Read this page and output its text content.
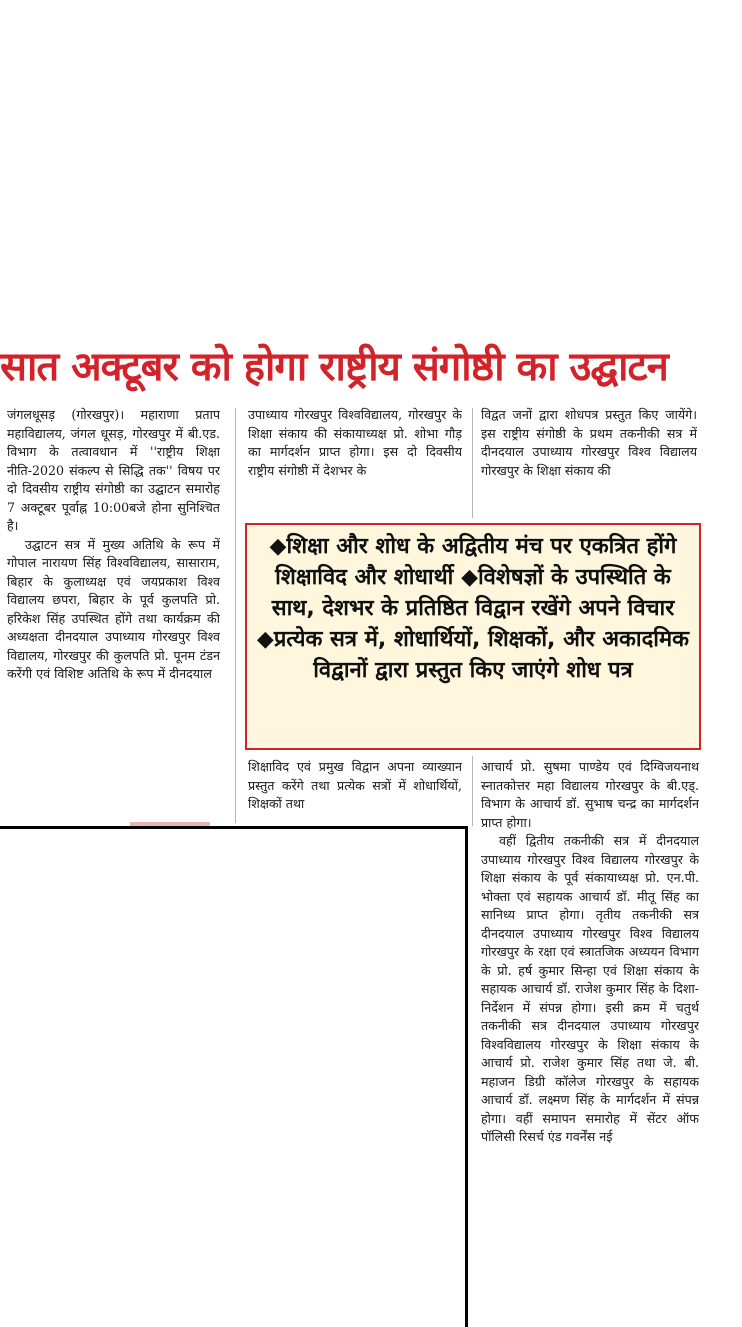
सात अक्टूबर को होगा राष्ट्रीय संगोष्ठी का उद्घाटन

जंगलधूसड़ (गोरखपुर)। महाराणा प्रताप महाविद्यालय, जंगल धूसड़, गोरखपुर में बी.एड. विभाग के तत्वावधान में ''राष्ट्रीय शिक्षा नीति-2020 संकल्प से सिद्धि तक'' विषय पर दो दिवसीय राष्ट्रीय संगोष्ठी का उद्घाटन समारोह 7 अक्टूबर पूर्वाह्न 10:00बजे होना सुनिश्चित है।

उद्घाटन सत्र में मुख्य अतिथि के रूप में गोपाल नारायण सिंह विश्वविद्यालय, सासाराम, बिहार के कुलाध्यक्ष एवं जयप्रकाश विश्व विद्यालय छपरा, बिहार के पूर्व कुलपति प्रो. हरिकेश सिंह उपस्थित होंगे तथा कार्यक्रम की अध्यक्षता दीनदयाल उपाध्याय गोरखपुर विश्व विद्यालय, गोरखपुर की कुलपति प्रो. पूनम टंडन करेंगी एवं विशिष्ट अतिथि के रूप में दीनदयाल

उपाध्याय गोरखपुर विश्वविद्यालय, गोरखपुर के शिक्षा संकाय की संकायाध्यक्ष प्रो. शोभा गौड़ का मार्गदर्शन प्राप्त होगा। इस दो दिवसीय राष्ट्रीय संगोष्ठी में देशभर के

विद्वत जनों द्वारा शोधपत्र प्रस्तुत किए जायेंगे। इस राष्ट्रीय संगोष्ठी के प्रथम तकनीकी सत्र में दीनदयाल उपाध्याय गोरखपुर विश्व विद्यालय गोरखपुर के शिक्षा संकाय की

◆शिक्षा और शोध के अद्वितीय मंच पर एकत्रित होंगे शिक्षाविद और शोधार्थी ◆विशेषज्ञों के उपस्थिति के साथ, देशभर के प्रतिष्ठित विद्वान रखेंगे अपने विचार ◆प्रत्येक सत्र में, शोधार्थियों, शिक्षकों, और अकादमिक विद्वानों द्वारा प्रस्तुत किए जाएंगे शोध पत्र

शिक्षाविद एवं प्रमुख विद्वान अपना व्याख्यान प्रस्तुत करेंगे तथा प्रत्येक सत्रों में शोधार्थियों, शिक्षकों तथा

आचार्य प्रो. सुषमा पाण्डेय एवं दिग्विजयनाथ स्नातकोत्तर महा विद्यालय गोरखपुर के बी.एड्. विभाग के आचार्य डॉ. सुभाष चन्द्र का मार्गदर्शन प्राप्त होगा।

वहीं द्वितीय तकनीकी सत्र में दीनदयाल उपाध्याय गोरखपुर विश्व विद्यालय गोरखपुर के शिक्षा संकाय के पूर्व संकायाध्यक्ष प्रो. एन.पी. भोक्ता एवं सहायक आचार्य डॉ. मीतू सिंह का सानिध्य प्राप्त होगा। तृतीय तकनीकी सत्र दीनदयाल उपाध्याय गोरखपुर विश्व विद्यालय गोरखपुर के रक्षा एवं स्त्रातजिक अध्ययन विभाग के प्रो. हर्ष कुमार सिन्हा एवं शिक्षा संकाय के सहायक आचार्य डॉ. राजेश कुमार सिंह के दिशा-निर्देशन में संपन्न होगा। इसी क्रम में चतुर्थ तकनीकी सत्र दीनदयाल उपाध्याय गोरखपुर विश्वविद्यालय गोरखपुर के शिक्षा संकाय के आचार्य प्रो. राजेश कुमार सिंह तथा जे. बी. महाजन डिग्री कॉलेज गोरखपुर के सहायक आचार्य डॉ. लक्ष्मण सिंह के मार्गदर्शन में संपन्न होगा। वहीं समापन समारोह में सेंटर ऑफ पॉलिसी रिसर्च एंड गवर्नेंस नई
